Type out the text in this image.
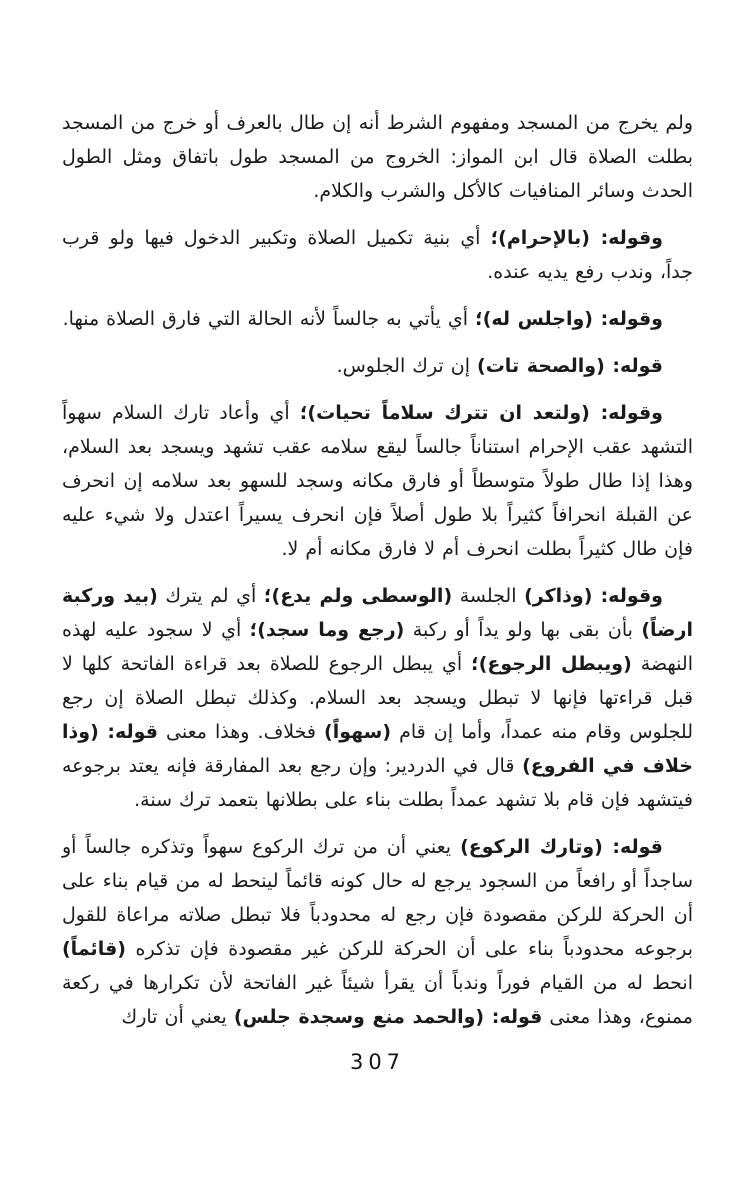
ولم يخرج من المسجد ومفهوم الشرط أنه إن طال بالعرف أو خرج من المسجد بطلت الصلاة قال ابن المواز: الخروج من المسجد طول باتفاق ومثل الطول الحدث وسائر المنافيات كالأكل والشرب والكلام.

وقوله: (بالإحرام)؛ أي بنية تكميل الصلاة وتكبير الدخول فيها ولو قرب جداً، وندب رفع يديه عنده.

وقوله: (واجلس له)؛ أي يأتي به جالساً لأنه الحالة التي فارق الصلاة منها.

قوله: (والصحة تات) إن ترك الجلوس.

وقوله: (ولتعد ان تترك سلاماً تحيات)؛ أي وأعاد تارك السلام سهواً التشهد عقب الإحرام استناناً جالساً ليقع سلامه عقب تشهد ويسجد بعد السلام، وهذا إذا طال طولاً متوسطاً أو فارق مكانه وسجد للسهو بعد سلامه إن انحرف عن القبلة انحرافاً كثيراً بلا طول أصلاً فإن انحرف يسيراً اعتدل ولا شيء عليه فإن طال كثيراً بطلت انحرف أم لا فارق مكانه أم لا.

وقوله: (وذاكر) الجلسة (الوسطى ولم يدع)؛ أي لم يترك (بيد وركبة ارضاً) بأن بقى بها ولو يداً أو ركبة (رجع وما سجد)؛ أي لا سجود عليه لهذه النهضة (ويبطل الرجوع)؛ أي يبطل الرجوع للصلاة بعد قراءة الفاتحة كلها لا قبل قراءتها فإنها لا تبطل ويسجد بعد السلام. وكذلك تبطل الصلاة إن رجع للجلوس وقام منه عمداً، وأما إن قام (سهواً) فخلاف. وهذا معنى قوله: (وذا خلاف في الفروع) قال في الدردير: وإن رجع بعد المفارقة فإنه يعتد برجوعه فيتشهد فإن قام بلا تشهد عمداً بطلت بناء على بطلانها بتعمد ترك سنة.

قوله: (وتارك الركوع) يعني أن من ترك الركوع سهواً وتذكره جالساً أو ساجداً أو رافعاً من السجود يرجع له حال كونه قائماً لينحط له من قيام بناء على أن الحركة للركن مقصودة فإن رجع له محدودباً فلا تبطل صلاته مراعاة للقول برجوعه محدودباً بناء على أن الحركة للركن غير مقصودة فإن تذكره (قائماً) انحط له من القيام فوراً وندباً أن يقرأ شيئاً غير الفاتحة لأن تكرارها في ركعة ممنوع، وهذا معنى قوله: (والحمد منع وسجدة جلس) يعني أن تارك

307
